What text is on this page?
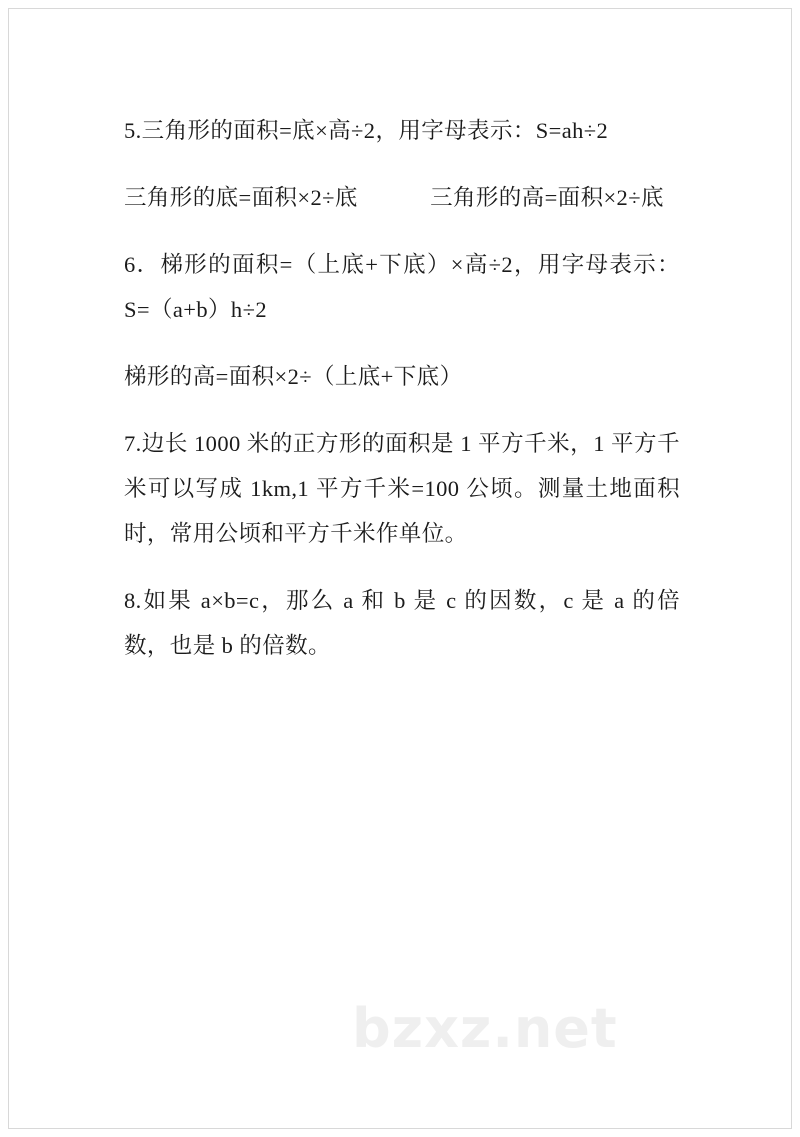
5.三角形的面积=底×高÷2，用字母表示：S=ah÷2

三角形的底=面积×2÷底            三角形的高=面积×2÷底

6．梯形的面积=（上底+下底）×高÷2，用字母表示：S=（a+b）h÷2

梯形的高=面积×2÷（上底+下底）

7.边长 1000 米的正方形的面积是 1 平方千米，1 平方千米可以写成 1km,1 平方千米=100 公顷。测量土地面积时，常用公顷和平方千米作单位。

8.如果 a×b=c，那么 a 和 b 是 c 的因数，c 是 a 的倍数，也是 b 的倍数。

bzxz.net
